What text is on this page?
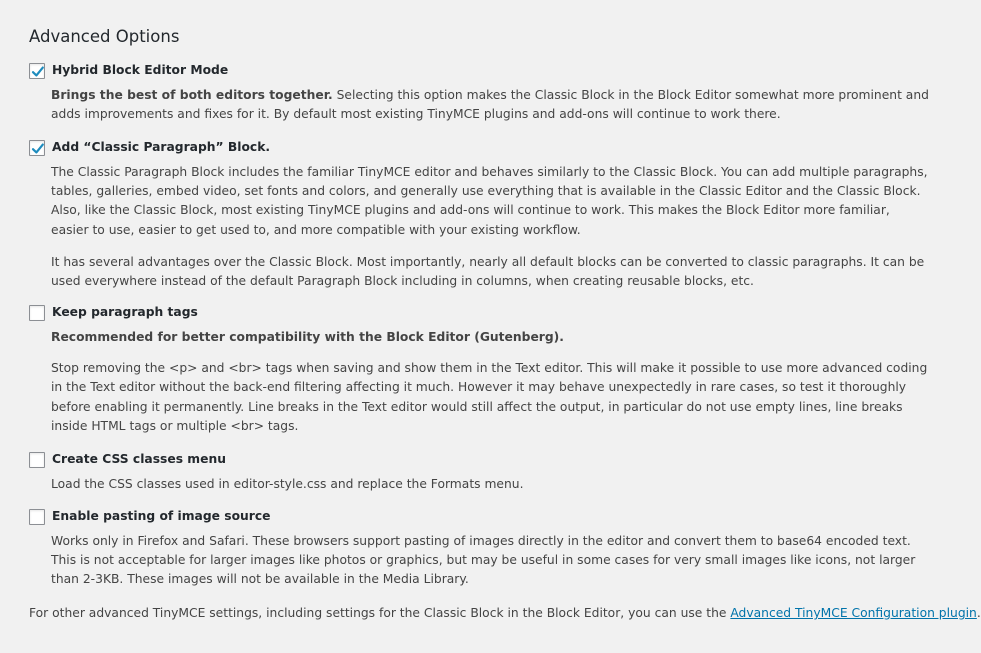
Advanced Options
Hybrid Block Editor Mode

Brings the best of both editors together. Selecting this option makes the Classic Block in the Block Editor somewhat more prominent and adds improvements and fixes for it. By default most existing TinyMCE plugins and add-ons will continue to work there.

Add “Classic Paragraph” Block.

The Classic Paragraph Block includes the familiar TinyMCE editor and behaves similarly to the Classic Block. You can add multiple paragraphs, tables, galleries, embed video, set fonts and colors, and generally use everything that is available in the Classic Editor and the Classic Block. Also, like the Classic Block, most existing TinyMCE plugins and add-ons will continue to work. This makes the Block Editor more familiar, easier to use, easier to get used to, and more compatible with your existing workflow.

It has several advantages over the Classic Block. Most importantly, nearly all default blocks can be converted to classic paragraphs. It can be used everywhere instead of the default Paragraph Block including in columns, when creating reusable blocks, etc.

Keep paragraph tags

Recommended for better compatibility with the Block Editor (Gutenberg).

Stop removing the <p> and <br> tags when saving and show them in the Text editor. This will make it possible to use more advanced coding in the Text editor without the back-end filtering affecting it much. However it may behave unexpectedly in rare cases, so test it thoroughly before enabling it permanently. Line breaks in the Text editor would still affect the output, in particular do not use empty lines, line breaks inside HTML tags or multiple <br> tags.

Create CSS classes menu

Load the CSS classes used in editor-style.css and replace the Formats menu.

Enable pasting of image source

Works only in Firefox and Safari. These browsers support pasting of images directly in the editor and convert them to base64 encoded text. This is not acceptable for larger images like photos or graphics, but may be useful in some cases for very small images like icons, not larger than 2-3KB. These images will not be available in the Media Library.

For other advanced TinyMCE settings, including settings for the Classic Block in the Block Editor, you can use the Advanced TinyMCE Configuration plugin.
